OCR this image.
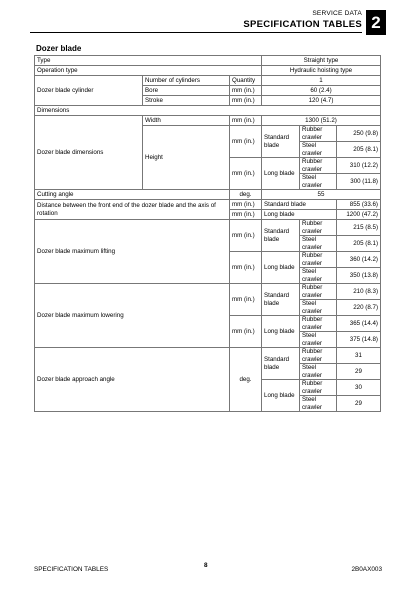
SERVICE DATA
SPECIFICATION TABLES 2
Dozer blade
Type			Straight type		
Operation type			Hydraulic hoisting type		
Dozer blade cylinder	Number of cylinders	Quantity	1		
	Bore	mm (in.)	60 (2.4)		
	Stroke	mm (in.)	120 (4.7)		
Dimensions					
Dozer blade dimensions	Width	mm (in.)	1300 (51.2)		
	Height	mm (in.)	Standard blade	Rubber crawler	250 (9.8)
				Steel crawler	205 (8.1)
		mm (in.)	Long blade	Rubber crawler	310 (12.2)
				Steel crawler	300 (11.8)
Cutting angle		deg.	55		
Distance between the front end of the dozer blade and the axis of rotation		mm (in.)	Standard blade		855 (33.6)
		mm (in.)	Long blade		1200 (47.2)
Dozer blade maximum lifting		mm (in.)	Standard blade	Rubber crawler	215 (8.5)
				Steel crawler	205 (8.1)
		mm (in.)	Long blade	Rubber crawler	360 (14.2)
				Steel crawler	350 (13.8)
Dozer blade maximum lowering		mm (in.)	Standard blade	Rubber crawler	210 (8.3)
				Steel crawler	220 (8.7)
		mm (in.)	Long blade	Rubber crawler	365 (14.4)
				Steel crawler	375 (14.8)
Dozer blade approach angle		deg.	Standard blade	Rubber crawler	31
				Steel crawler	29
			Long blade	Rubber crawler	30
				Steel crawler	29
SPECIFICATION TABLES
8
2B0AX003
